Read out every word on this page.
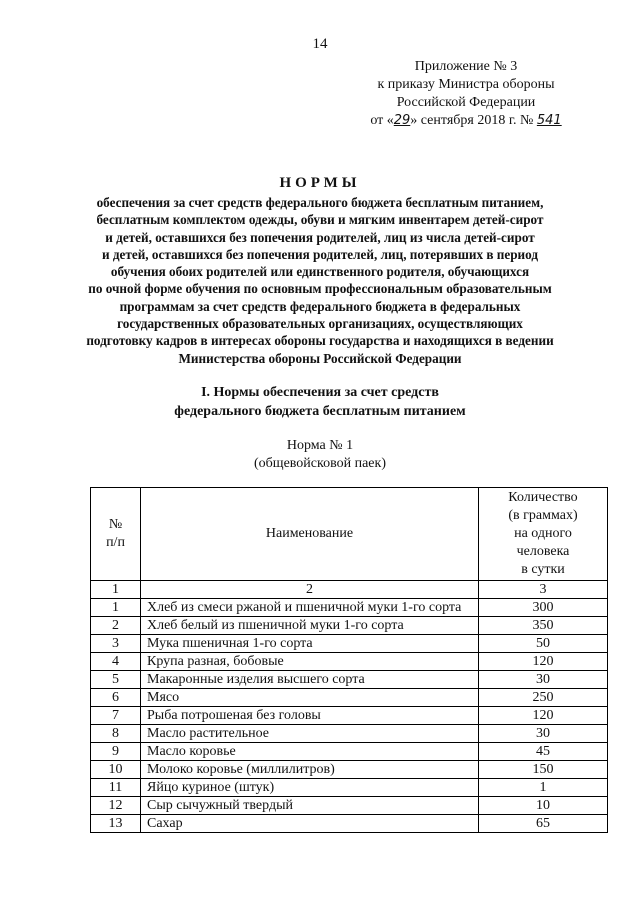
14
Приложение № 3
к приказу Министра обороны
Российской Федерации
от «29» сентября 2018 г. № 541
НОРМЫ
обеспечения за счет средств федерального бюджета бесплатным питанием,
бесплатным комплектом одежды, обуви и мягким инвентарем детей-сирот
и детей, оставшихся без попечения родителей, лиц из числа детей-сирот
и детей, оставшихся без попечения родителей, лиц, потерявших в период
обучения обоих родителей или единственного родителя, обучающихся
по очной форме обучения по основным профессиональным образовательным
программам за счет средств федерального бюджета в федеральных
государственных образовательных организациях, осуществляющих
подготовку кадров в интересах обороны государства и находящихся в ведении
Министерства обороны Российской Федерации
I. Нормы обеспечения за счет средств
федерального бюджета бесплатным питанием
Норма № 1
(общевойсковой паек)
№
п/п	Наименование	Количество
(в граммах)
на одного
человека
в сутки

1	2	3
1	Хлеб из смеси ржаной и пшеничной муки 1-го сорта	300
2	Хлеб белый из пшеничной муки 1-го сорта	350
3	Мука пшеничная 1-го сорта	50
4	Крупа разная, бобовые	120
5	Макаронные изделия высшего сорта	30
6	Мясо	250
7	Рыба потрошеная без головы	120
8	Масло растительное	30
9	Масло коровье	45
10	Молоко коровье (миллилитров)	150
11	Яйцо куриное (штук)	1
12	Сыр сычужный твердый	10
13	Сахар	65
